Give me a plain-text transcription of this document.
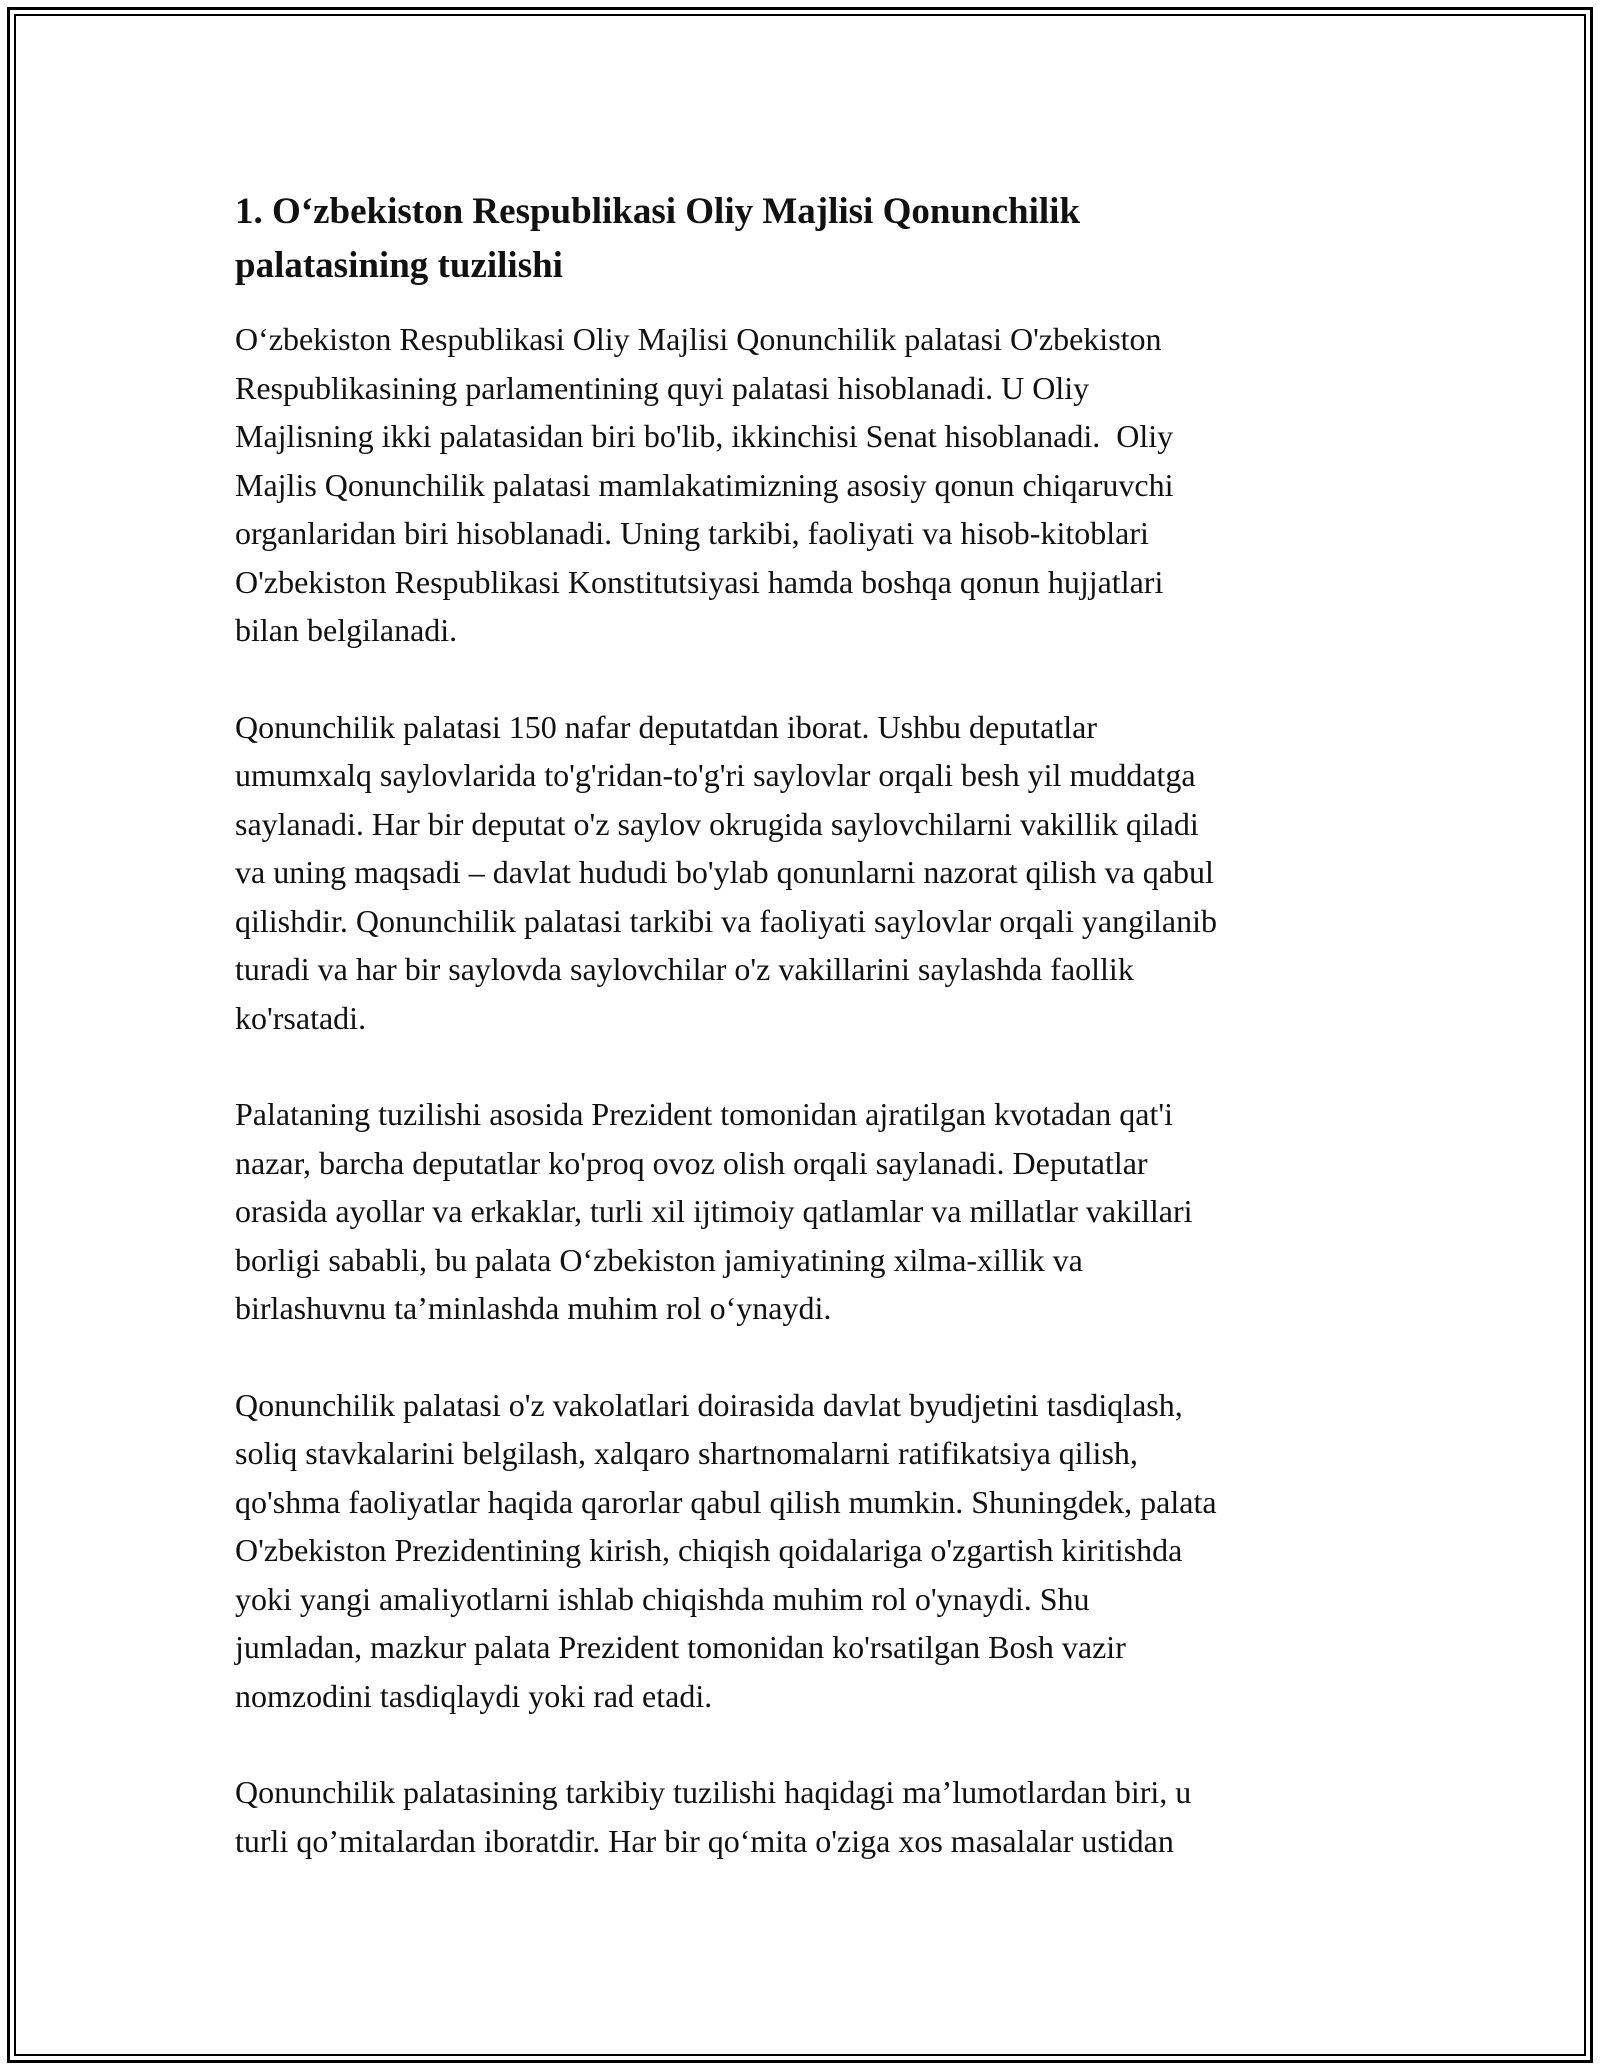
1. O‘zbekiston Respublikasi Oliy Majlisi Qonunchilik
palatasining tuzilishi

O‘zbekiston Respublikasi Oliy Majlisi Qonunchilik palatasi O'zbekiston
Respublikasining parlamentining quyi palatasi hisoblanadi. U Oliy
Majlisning ikki palatasidan biri bo'lib, ikkinchisi Senat hisoblanadi.  Oliy
Majlis Qonunchilik palatasi mamlakatimizning asosiy qonun chiqaruvchi
organlaridan biri hisoblanadi. Uning tarkibi, faoliyati va hisob-kitoblari
O'zbekiston Respublikasi Konstitutsiyasi hamda boshqa qonun hujjatlari
bilan belgilanadi.

Qonunchilik palatasi 150 nafar deputatdan iborat. Ushbu deputatlar
umumxalq saylovlarida to'g'ridan-to'g'ri saylovlar orqali besh yil muddatga
saylanadi. Har bir deputat o'z saylov okrugida saylovchilarni vakillik qiladi
va uning maqsadi – davlat hududi bo'ylab qonunlarni nazorat qilish va qabul
qilishdir. Qonunchilik palatasi tarkibi va faoliyati saylovlar orqali yangilanib
turadi va har bir saylovda saylovchilar o'z vakillarini saylashda faollik
ko'rsatadi.

Palataning tuzilishi asosida Prezident tomonidan ajratilgan kvotadan qat'i
nazar, barcha deputatlar ko'proq ovoz olish orqali saylanadi. Deputatlar
orasida ayollar va erkaklar, turli xil ijtimoiy qatlamlar va millatlar vakillari
borligi sababli, bu palata O‘zbekiston jamiyatining xilma-xillik va
birlashuvnu ta’minlashda muhim rol o‘ynaydi.

Qonunchilik palatasi o'z vakolatlari doirasida davlat byudjetini tasdiqlash,
soliq stavkalarini belgilash, xalqaro shartnomalarni ratifikatsiya qilish,
qo'shma faoliyatlar haqida qarorlar qabul qilish mumkin. Shuningdek, palata
O'zbekiston Prezidentining kirish, chiqish qoidalariga o'zgartish kiritishda
yoki yangi amaliyotlarni ishlab chiqishda muhim rol o'ynaydi. Shu
jumladan, mazkur palata Prezident tomonidan ko'rsatilgan Bosh vazir
nomzodini tasdiqlaydi yoki rad etadi.

Qonunchilik palatasining tarkibiy tuzilishi haqidagi ma’lumotlardan biri, u
turli qo’mitalardan iboratdir. Har bir qo‘mita o'ziga xos masalalar ustidan
